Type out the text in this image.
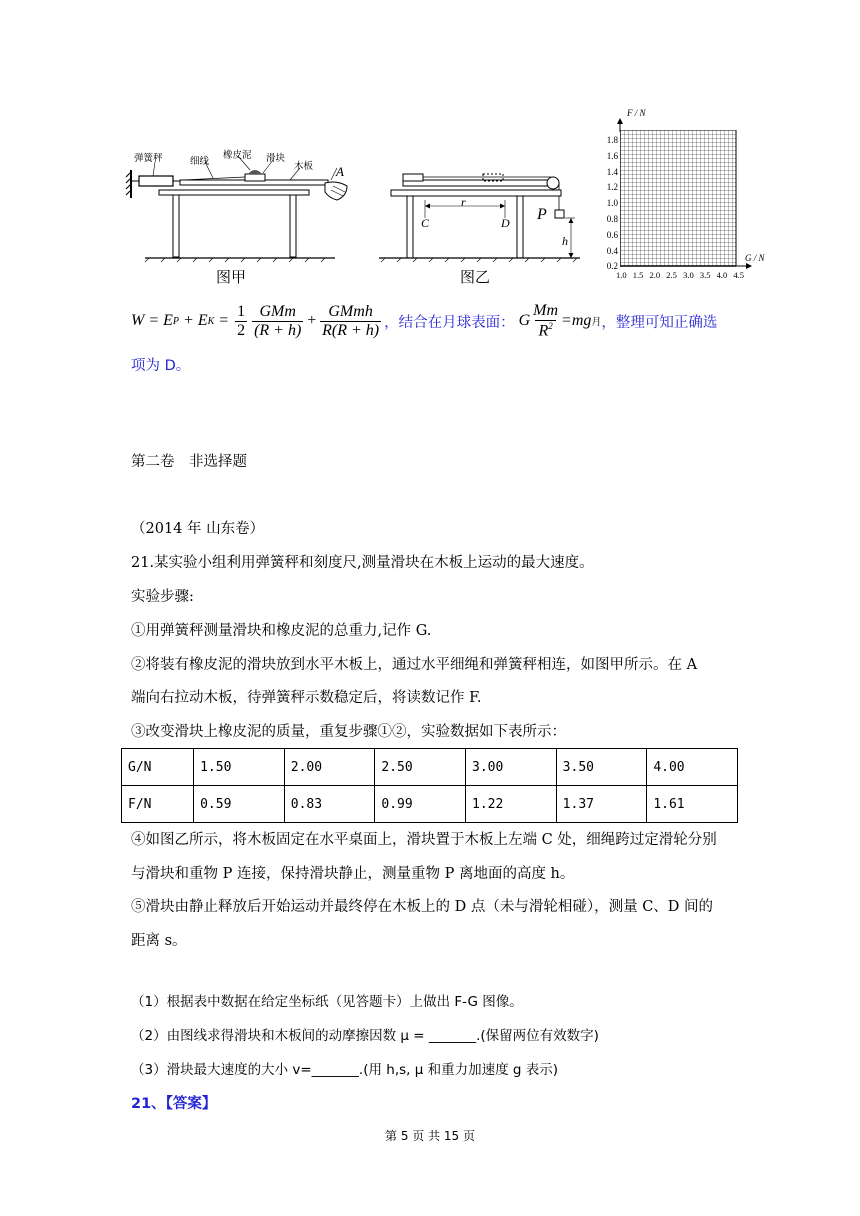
弹簧秤	细线
橡皮泥 滑块
木板 A
图甲
r
C	D P
h
图乙
F / N
G / N
1.8
1.6
1.4
1.2
1.0
0.8
0.6
0.4
0.2
1.0 1.5 2.0 2.5 3.0 3.5 4.0 4.5
W = E P + E K =
1
2
GMm
(R + h)
+
GMmh
R(R + h) ，结合在月球表面： G
Mm
$R^2 =mg$ 月 ，整理可知正确选
项为 D。
第二卷　非选择题
（2014 年 山东卷）
21.某实验小组利用弹簧秤和刻度尺,测量滑块在木板上运动的最大速度。
实验步骤:
①用弹簧秤测量滑块和橡皮泥的总重力,记作 G.
②将装有橡皮泥的滑块放到水平木板上，通过水平细绳和弹簧秤相连，如图甲所示。在 A
端向右拉动木板，待弹簧秤示数稳定后，将读数记作 F.
③改变滑块上橡皮泥的质量，重复步骤①②，实验数据如下表所示：
G/N	1.50	2.00	2.50	3.00	3.50	4.00
F/N	0.59	0.83	0.99	1.22	1.37	1.61
④如图乙所示，将木板固定在水平桌面上，滑块置于木板上左端 C 处，细绳跨过定滑轮分别
与滑块和重物 P 连接，保持滑块静止，测量重物 P 离地面的高度 h。
⑤滑块由静止释放后开始运动并最终停在木板上的 D 点（未与滑轮相碰），测量 C、D 间的
距离 s。
（1）根据表中数据在给定坐标纸（见答题卡）上做出 F-G 图像。
（2）由图线求得滑块和木板间的动摩擦因数 μ = _______.(保留两位有效数字)
（3）滑块最大速度的大小 v=_______.(用 h,s, μ 和重力加速度 g 表示)
21、【答案】
第 5 页 共 15 页
